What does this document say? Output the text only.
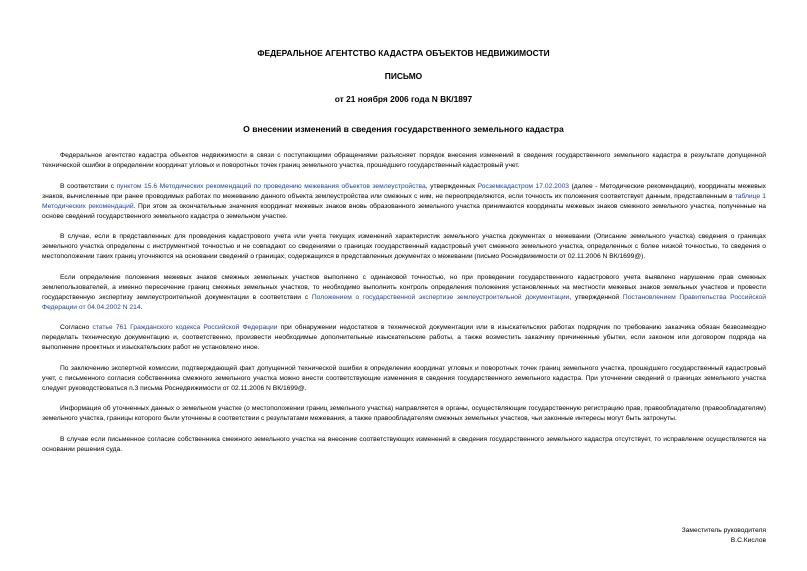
ФЕДЕРАЛЬНОЕ АГЕНТСТВО КАДАСТРА ОБЪЕКТОВ НЕДВИЖИМОСТИ
ПИСЬМО
от 21 ноября 2006 года N ВК/1897
О внесении изменений в сведения государственного земельного кадастра

Федеральное агентство кадастра объектов недвижимости в связи с поступающими обращениями разъясняет порядок внесения изменений в сведения государственного земельного кадастра в результате допущенной технической ошибки в определении координат угловых и поворотных точек границ земельного участка, прошедшего государственный кадастровый учет.

В соответствии с пунктом 15.6 Методических рекомендаций по проведению межевания объектов землеустройства, утвержденных Росземкадастром 17.02.2003 (далее - Методические рекомендации), координаты межевых знаков, вычисленные при ранее проводимых работах по межеванию данного объекта землеустройства или смежных с ним, не переопределяются, если точность их положения соответствует данным, представленным в таблице 1 Методических рекомендаций. При этом за окончательные значения координат межевых знаков вновь образованного земельного участка принимаются координаты межевых знаков смежного земельного участка, полученные на основе сведений государственного земельного кадастра о земельном участке.

В случае, если в представленных для проведения кадастрового учета или учета текущих изменений характеристик земельного участка документах о межевании (Описание земельного участка) сведения о границах земельного участка определены с инструментной точностью и не совпадают со сведениями о границах государственный кадастровый учет смежного земельного участка, определенных с более низкой точностью, то сведения о местоположении таких границ уточняются на основании сведений о границах, содержащихся в представленных документах о межевании (письмо Роснедвижимости от 02.11.2006 N ВК/1699@).

Если определение положения межевых знаков смежных земельных участков выполнено с одинаковой точностью, но при проведении государственного кадастрового учета выявлено нарушение прав смежных землепользователей, а именно пересечение границ смежных земельных участков, то необходимо выполнить контроль определения положения установленных на местности межевых знаков земельных участков и провести государственную экспертизу землеустроительной документации в соответствии с Положением о государственной экспертизе землеустроительной документации, утвержденной Постановлением Правительства Российской Федерации от 04.04.2002 N 214.

Согласно статье 761 Гражданского кодекса Российской Федерации при обнаружении недостатков в технической документации или в изыскательских работах подрядчик по требованию заказчика обязан безвозмездно переделать техническую документацию и, соответственно, произвести необходимые дополнительные изыскательские работы, а также возместить заказчику причиненные убытки, если законом или договором подряда на выполнение проектных и изыскательских работ не установлено иное.

По заключению экспертной комиссии, подтверждающей факт допущенной технической ошибки в определении координат угловых и поворотных точек границ земельного участка, прошедшего государственный кадастровый учет, с письменного согласия собственника смежного земельного участка можно внести соответствующие изменения в сведения государственного земельного кадастра. При уточнении сведений о границах земельного участка следует руководствоваться п.3 письма Роснедвижимости от 02.11.2006 N ВК/1699@.

Информация об уточненных данных о земельном участке (о местоположении границ земельного участка) направляется в органы, осуществляющие государственную регистрацию прав, правообладателю (правообладателям) земельного участка, границы которого были уточнены в соответствии с результатами межевания, а также правообладателям смежных земельных участков, чьи законные интересы могут быть затронуты.

В случае если письменное согласие собственника смежного земельного участка на внесение соответствующих изменений в сведения государственного земельного кадастра отсутствует, то исправление осуществляется на основании решения суда.

Заместитель руководителя
В.С.Кислов
